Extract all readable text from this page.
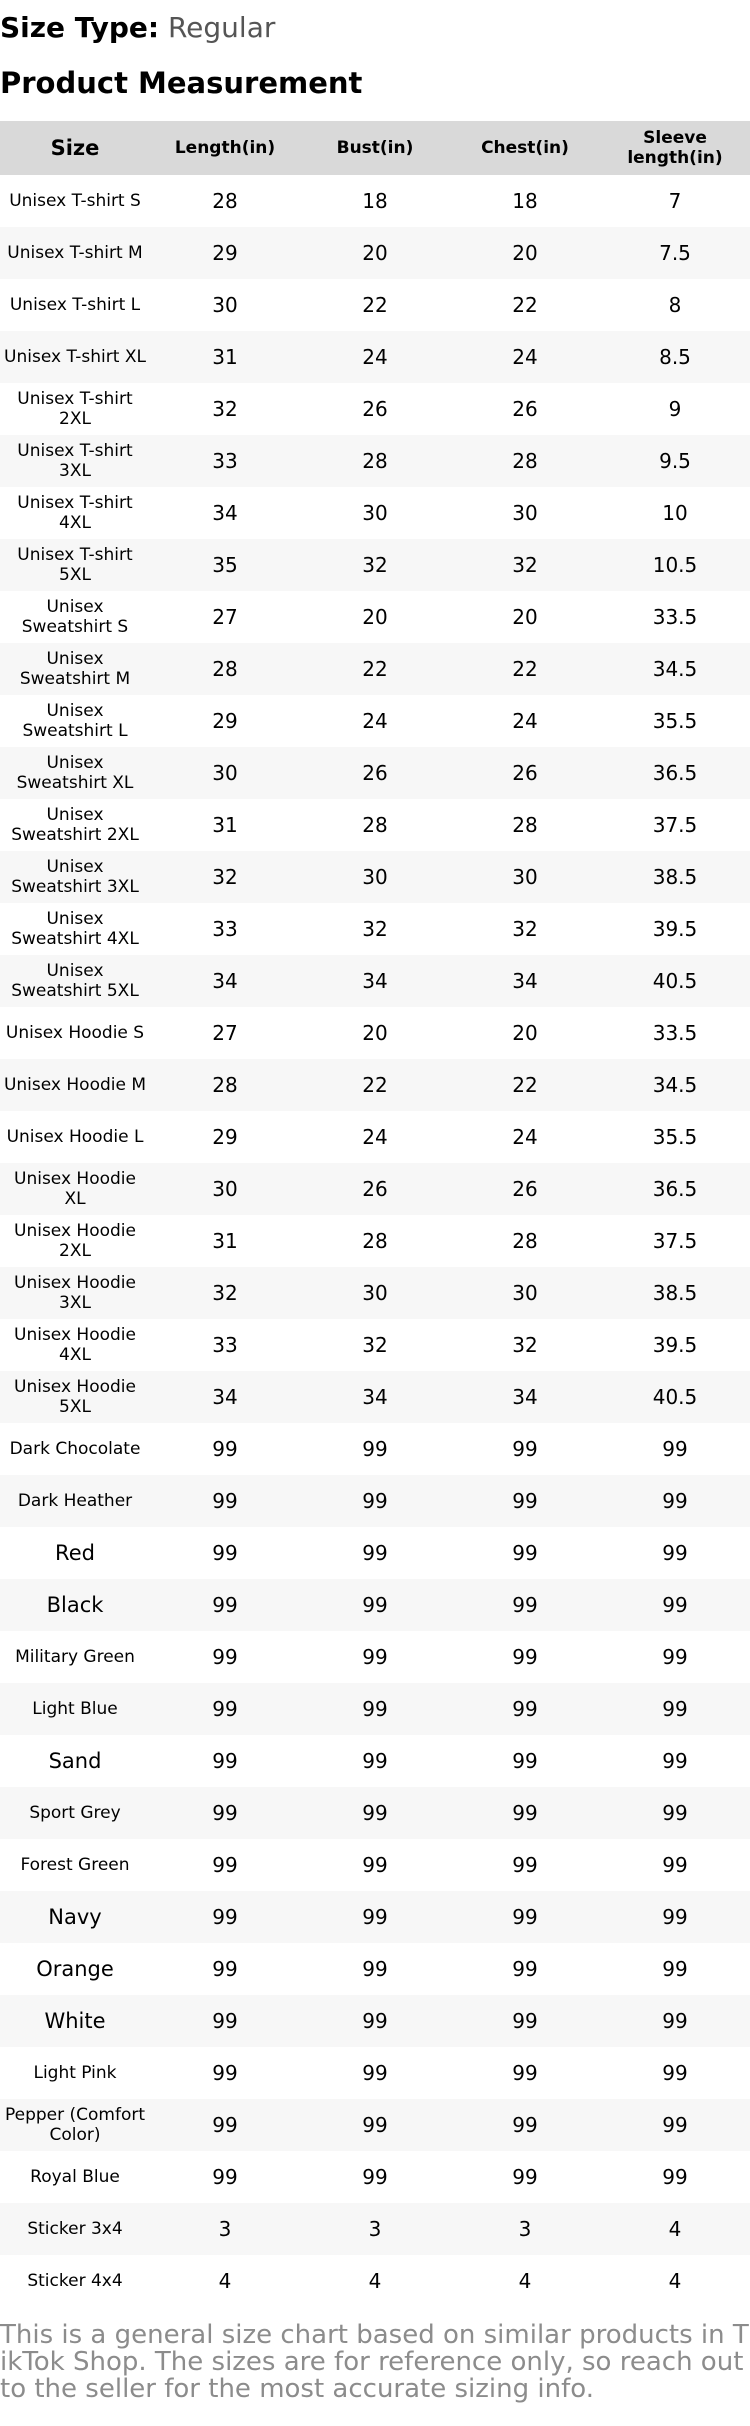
Size Type: Regular
Product Measurement
Size	Length(in)	Bust(in)	Chest(in)	Sleeve length(in)
Unisex T-shirt S	28	18	18	7
Unisex T-shirt M	29	20	20	7.5
Unisex T-shirt L	30	22	22	8
Unisex T-shirt XL	31	24	24	8.5
Unisex T-shirt 2XL	32	26	26	9
Unisex T-shirt 3XL	33	28	28	9.5
Unisex T-shirt 4XL	34	30	30	10
Unisex T-shirt 5XL	35	32	32	10.5
Unisex Sweatshirt S	27	20	20	33.5
Unisex Sweatshirt M	28	22	22	34.5
Unisex Sweatshirt L	29	24	24	35.5
Unisex Sweatshirt XL	30	26	26	36.5
Unisex Sweatshirt 2XL	31	28	28	37.5
Unisex Sweatshirt 3XL	32	30	30	38.5
Unisex Sweatshirt 4XL	33	32	32	39.5
Unisex Sweatshirt 5XL	34	34	34	40.5
Unisex Hoodie S	27	20	20	33.5
Unisex Hoodie M	28	22	22	34.5
Unisex Hoodie L	29	24	24	35.5
Unisex Hoodie XL	30	26	26	36.5
Unisex Hoodie 2XL	31	28	28	37.5
Unisex Hoodie 3XL	32	30	30	38.5
Unisex Hoodie 4XL	33	32	32	39.5
Unisex Hoodie 5XL	34	34	34	40.5
Dark Chocolate	99	99	99	99
Dark Heather	99	99	99	99
Red	99	99	99	99
Black	99	99	99	99
Military Green	99	99	99	99
Light Blue	99	99	99	99
Sand	99	99	99	99
Sport Grey	99	99	99	99
Forest Green	99	99	99	99
Navy	99	99	99	99
Orange	99	99	99	99
White	99	99	99	99
Light Pink	99	99	99	99
Pepper (Comfort Color)	99	99	99	99
Royal Blue	99	99	99	99
Sticker 3x4	3	3	3	4
Sticker 4x4	4	4	4	4
This is a general size chart based on similar products in TikTok Shop. The sizes are for reference only, so reach out to the seller for the most accurate sizing info.
